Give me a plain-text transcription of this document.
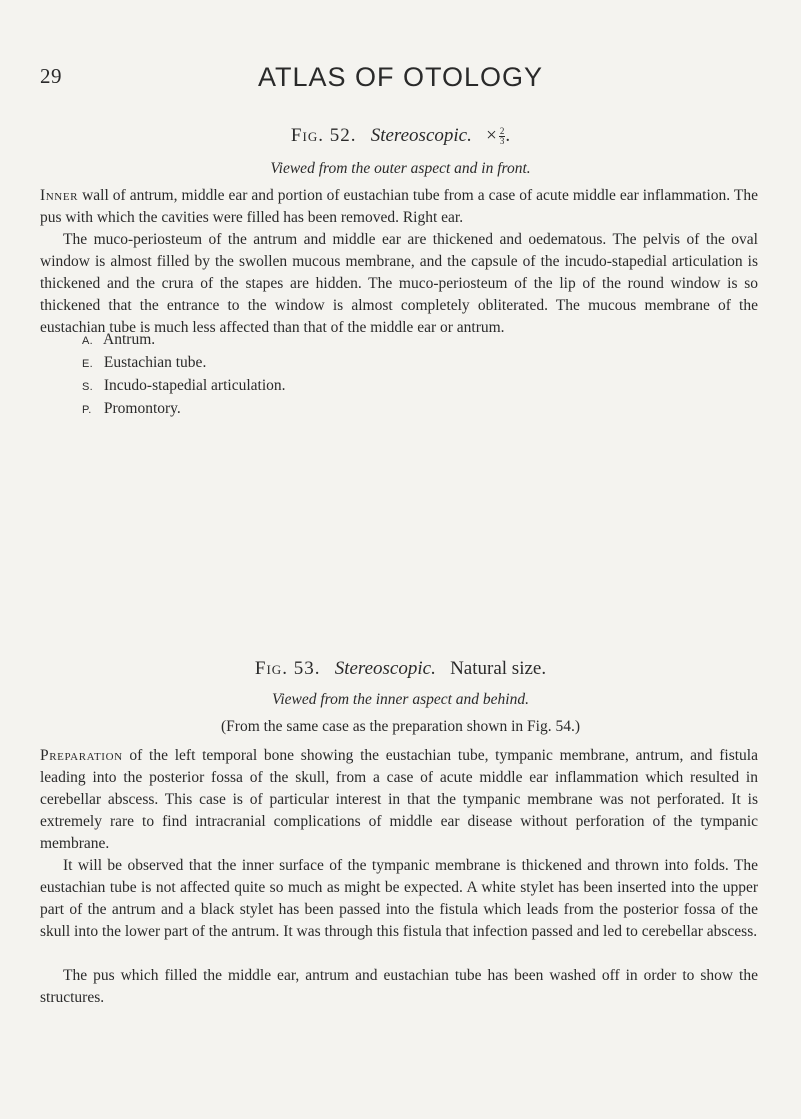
29	ATLAS OF OTOLOGY
Fig. 52. Stereoscopic. × $\frac{2}{3}$ .
Viewed from the outer aspect and in front.

Inner wall of antrum, middle ear and portion of eustachian tube from a case of acute middle ear inflammation. The pus with which the cavities were filled has been removed. Right ear.

The muco-periosteum of the antrum and middle ear are thickened and oedematous. The pelvis of the oval window is almost filled by the swollen mucous membrane, and the capsule of the incudo-stapedial articulation is thickened and the crura of the stapes are hidden. The muco-periosteum of the lip of the round window is so thickened that the entrance to the window is almost completely obliterated. The mucous membrane of the eustachian tube is much less affected than that of the middle ear or antrum.

A. Antrum.
E. Eustachian tube.
S. Incudo-stapedial articulation.
P. Promontory.
Fig. 53. Stereoscopic. Natural size.
Viewed from the inner aspect and behind.
(From the same case as the preparation shown in Fig. 54.)

Preparation of the left temporal bone showing the eustachian tube, tympanic membrane, antrum, and fistula leading into the posterior fossa of the skull, from a case of acute middle ear inflammation which resulted in cerebellar abscess. This case is of particular interest in that the tympanic membrane was not perforated. It is extremely rare to find intracranial complications of middle ear disease without perforation of the tympanic membrane.

It will be observed that the inner surface of the tympanic membrane is thickened and thrown into folds. The eustachian tube is not affected quite so much as might be expected. A white stylet has been inserted into the upper part of the antrum and a black stylet has been passed into the fistula which leads from the posterior fossa of the skull into the lower part of the antrum. It was through this fistula that infection passed and led to cerebellar abscess.

The pus which filled the middle ear, antrum and eustachian tube has been washed off in order to show the structures.
